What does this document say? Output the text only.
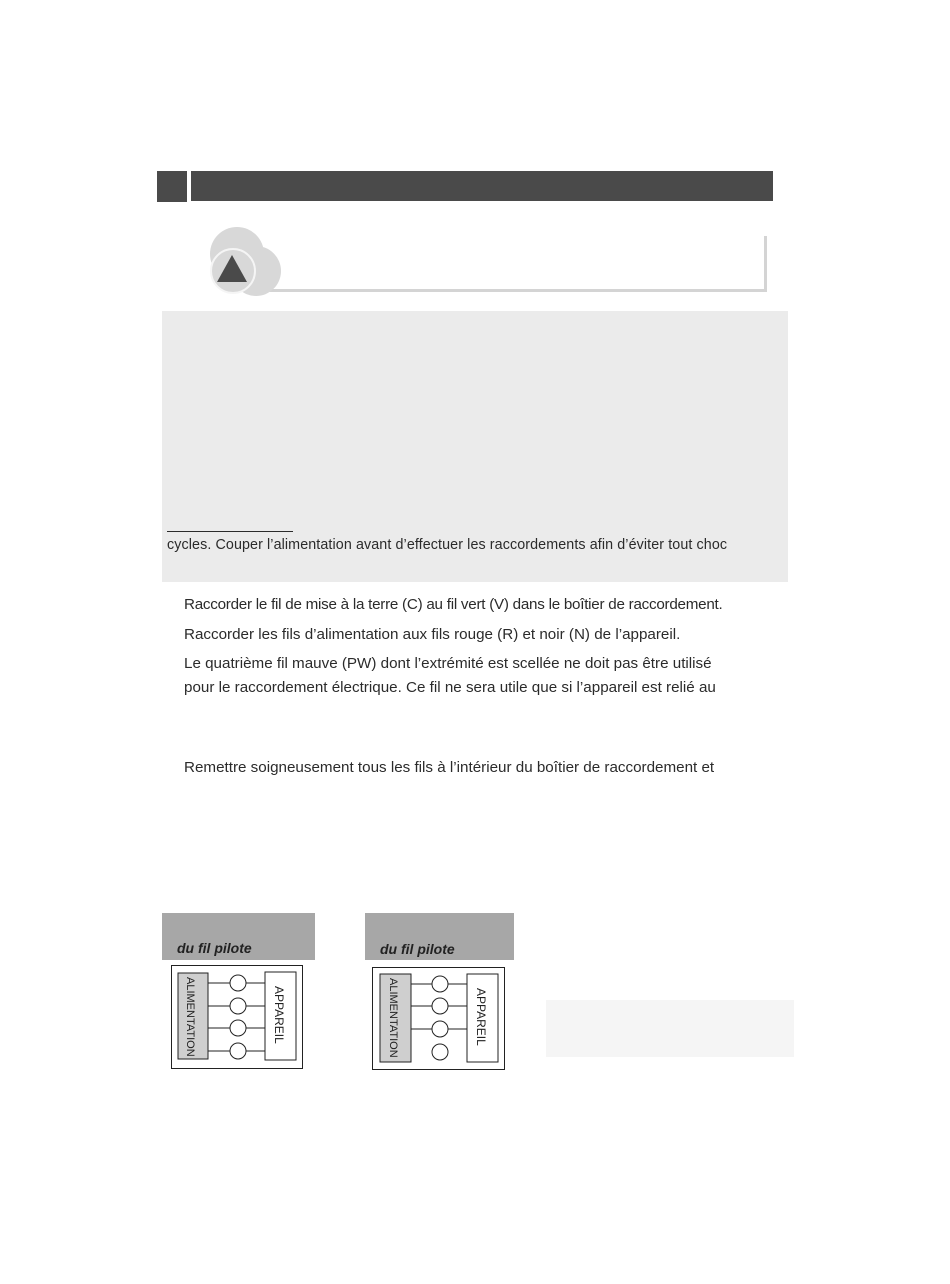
cycles. Couper l’alimentation avant d’effectuer les raccordements afin d’éviter tout choc
Raccorder le fil de mise à la terre (C) au fil vert (V) dans le boîtier de raccordement.
Raccorder les fils d’alimentation aux fils rouge (R) et noir (N) de l’appareil.
Le quatrième fil mauve (PW) dont l’extrémité est scellée ne doit pas être utilisé
pour le raccordement électrique. Ce fil ne sera utile que si l’appareil est relié au
Remettre soigneusement tous les fils à l’intérieur du boîtier de raccordement et
du fil pilote
ALIMENTATION	APPAREIL
du fil pilote
ALIMENTATION	APPAREIL
